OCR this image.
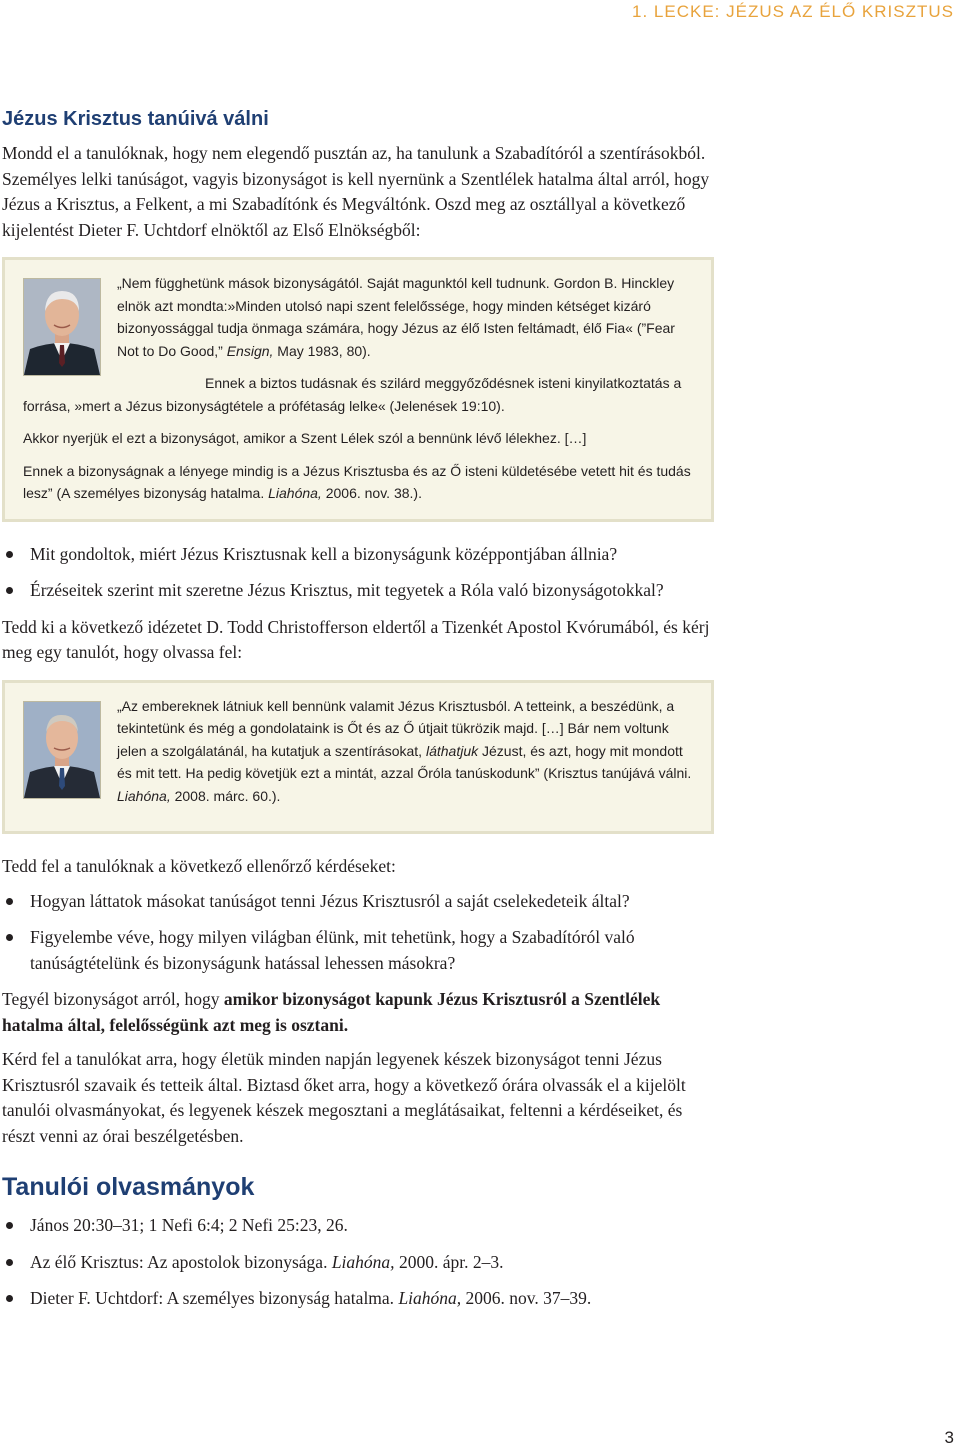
1. LECKE: JÉZUS AZ ÉLŐ KRISZTUS
Jézus Krisztus tanúivá válni

Mondd el a tanulóknak, hogy nem elegendő pusztán az, ha tanulunk a Szabadítóról a szentírásokból. Személyes lelki tanúságot, vagyis bizonyságot is kell nyernünk a Szentlélek hatalma által arról, hogy Jézus a Krisztus, a Felkent, a mi Szabadítónk és Megváltónk. Oszd meg az osztállyal a következő kijelentést Dieter F. Uchtdorf elnöktől az Első Elnökségből:

„Nem függhetünk mások bizonyságától. Saját magunktól kell tudnunk. Gordon B. Hinckley elnök azt mondta:»Minden utolsó napi szent felelőssége, hogy minden kétséget kizáró bizonyossággal tudja önmaga számára, hogy Jézus az élő Isten feltámadt, élő Fia« (”Fear Not to Do Good,” Ensign, May 1983, 80).

Ennek a biztos tudásnak és szilárd meggyőződésnek isteni kinyilatkoztatás a forrása, »mert a Jézus bizonyságtétele a prófétaság lelke« (Jelenések 19:10).

Akkor nyerjük el ezt a bizonyságot, amikor a Szent Lélek szól a bennünk lévő lélekhez. […]

Ennek a bizonyságnak a lényege mindig is a Jézus Krisztusba és az Ő isteni küldetésébe vetett hit és tudás lesz” (A személyes bizonyság hatalma. Liahóna, 2006. nov. 38.).

Mit gondoltok, miért Jézus Krisztusnak kell a bizonyságunk középpontjában állnia?
Érzéseitek szerint mit szeretne Jézus Krisztus, mit tegyetek a Róla való bizonyságotokkal?

Tedd ki a következő idézetet D. Todd Christofferson eldertől a Tizenkét Apostol Kvórumából, és kérj meg egy tanulót, hogy olvassa fel:

„Az embereknek látniuk kell bennünk valamit Jézus Krisztusból. A tetteink, a beszédünk, a tekintetünk és még a gondolataink is Őt és az Ő útjait tükrözik majd. […] Bár nem voltunk jelen a szolgálatánál, ha kutatjuk a szentírásokat, láthatjuk Jézust, és azt, hogy mit mondott és mit tett. Ha pedig követjük ezt a mintát, azzal Őróla tanúskodunk” (Krisztus tanújává válni. Liahóna, 2008. márc. 60.).

Tedd fel a tanulóknak a következő ellenőrző kérdéseket:

Hogyan láttatok másokat tanúságot tenni Jézus Krisztusról a saját cselekedeteik által?
Figyelembe véve, hogy milyen világban élünk, mit tehetünk, hogy a Szabadítóról való tanúságtételünk és bizonyságunk hatással lehessen másokra?

Tegyél bizonyságot arról, hogy amikor bizonyságot kapunk Jézus Krisztusról a Szentlélek hatalma által, felelősségünk azt meg is osztani.

Kérd fel a tanulókat arra, hogy életük minden napján legyenek készek bizonyságot tenni Jézus Krisztusról szavaik és tetteik által. Biztasd őket arra, hogy a következő órára olvassák el a kijelölt tanulói olvasmányokat, és legyenek készek megosztani a meglátásaikat, feltenni a kérdéseiket, és részt venni az órai beszélgetésben.

Tanulói olvasmányok
János 20:30–31; 1 Nefi 6:4; 2 Nefi 25:23, 26.
Az élő Krisztus: Az apostolok bizonysága. Liahóna, 2000. ápr. 2–3.
Dieter F. Uchtdorf: A személyes bizonyság hatalma. Liahóna, 2006. nov. 37–39.
3
